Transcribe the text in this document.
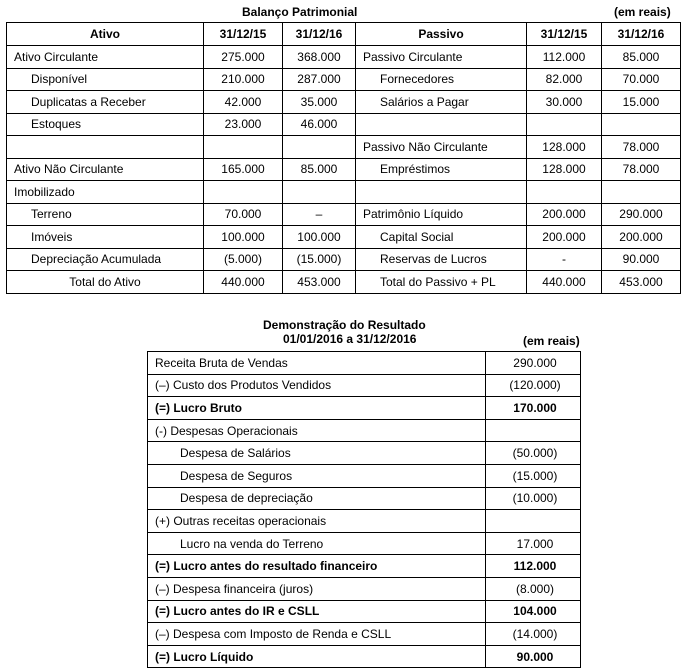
Balanço Patrimonial	(em reais)
Ativo	31/12/15	31/12/16	Passivo	31/12/15	31/12/16
Ativo Circulante	275.000	368.000	Passivo Circulante	112.000	85.000
Disponível	210.000	287.000	Fornecedores	82.000	70.000
Duplicatas a Receber	42.000	35.000	Salários a Pagar	30.000	15.000
Estoques	23.000	46.000			
			Passivo Não Circulante	128.000	78.000
Ativo Não Circulante	165.000	85.000	Empréstimos	128.000	78.000
Imobilizado					
Terreno	70.000	–	Patrimônio Líquido	200.000	290.000
Imóveis	100.000	100.000	Capital Social	200.000	200.000
Depreciação Acumulada	(5.000)	(15.000)	Reservas de Lucros	-	90.000
Total do Ativo	440.000	453.000	Total do Passivo + PL	440.000	453.000
Demonstração do Resultado
01/01/2016 a 31/12/2016	(em reais)
Receita Bruta de Vendas	290.000
(–) Custo dos Produtos Vendidos	(120.000)
(=) Lucro Bruto	170.000
(-) Despesas Operacionais	
Despesa de Salários	(50.000)
Despesa de Seguros	(15.000)
Despesa de depreciação	(10.000)
(+) Outras receitas operacionais	
Lucro na venda do Terreno	17.000
(=) Lucro antes do resultado financeiro	112.000
(–) Despesa financeira (juros)	(8.000)
(=) Lucro antes do IR e CSLL	104.000
(–) Despesa com Imposto de Renda e CSLL	(14.000)
(=) Lucro Líquido	90.000
